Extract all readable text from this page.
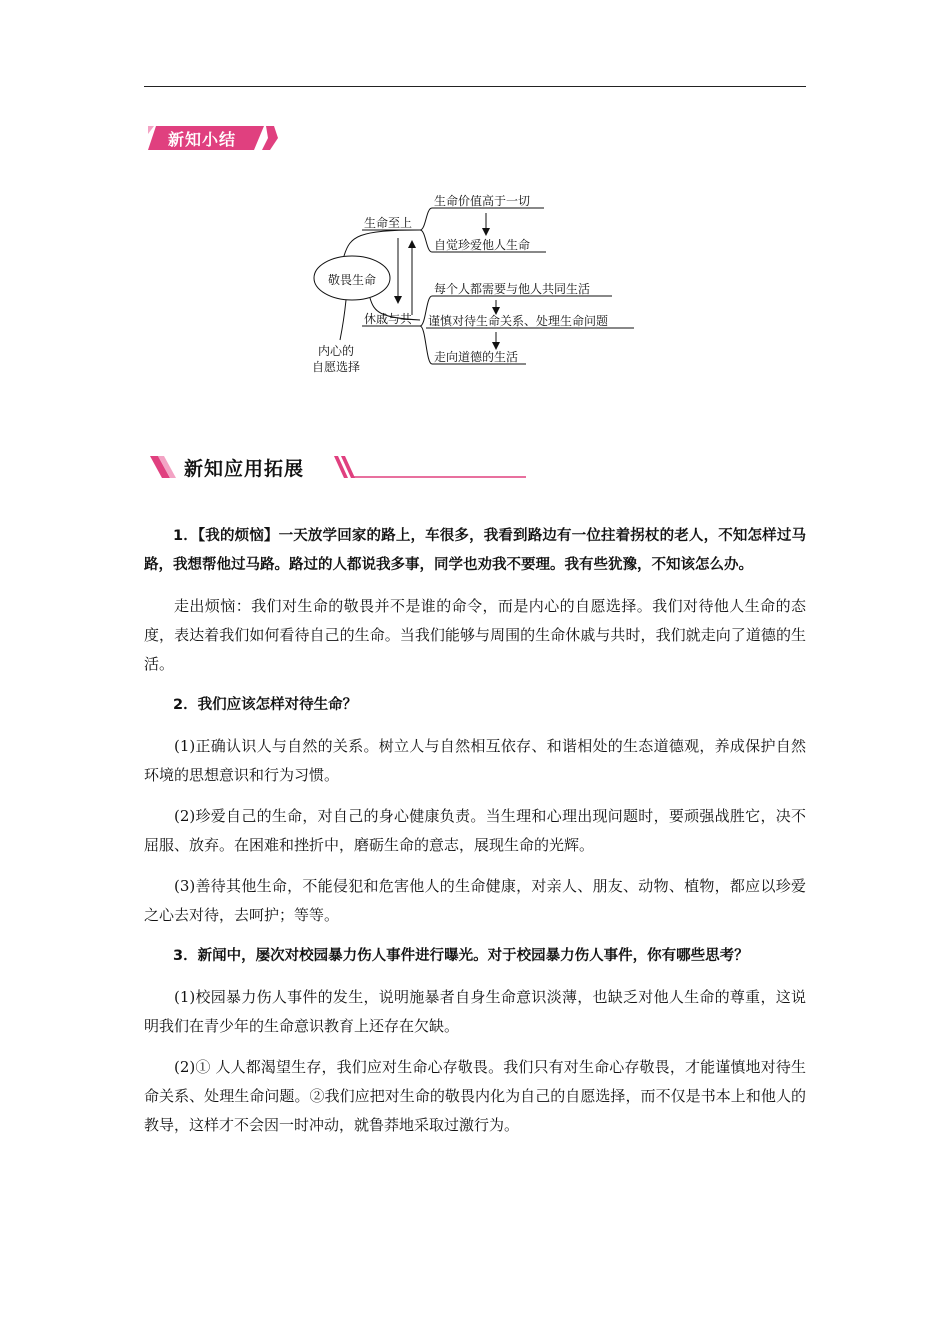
新知小结
敬畏生命
生命至上
生命价值高于一切
自觉珍爱他人生命
休戚与共
每个人都需要与他人共同生活
谨慎对待生命关系、处理生命问题
走向道德的生活
内心的
自愿选择
新知应用拓展

1．【我的烦恼】一天放学回家的路上，车很多，我看到路边有一位拄着拐杖的老人，不知怎样过马路，我想帮他过马路。路过的人都说我多事，同学也劝我不要理。我有些犹豫，不知该怎么办。

走出烦恼：我们对生命的敬畏并不是谁的命令，而是内心的自愿选择。我们对待他人生命的态度，表达着我们如何看待自己的生命。当我们能够与周围的生命休戚与共时，我们就走向了道德的生活。

2．我们应该怎样对待生命？

(1)正确认识人与自然的关系。树立人与自然相互依存、和谐相处的生态道德观，养成保护自然环境的思想意识和行为习惯。

(2)珍爱自己的生命，对自己的身心健康负责。当生理和心理出现问题时，要顽强战胜它，决不屈服、放弃。在困难和挫折中，磨砺生命的意志，展现生命的光辉。

(3)善待其他生命，不能侵犯和危害他人的生命健康，对亲人、朋友、动物、植物，都应以珍爱之心去对待，去呵护；等等。

3．新闻中，屡次对校园暴力伤人事件进行曝光。对于校园暴力伤人事件，你有哪些思考？

(1)校园暴力伤人事件的发生，说明施暴者自身生命意识淡薄，也缺乏对他人生命的尊重，这说明我们在青少年的生命意识教育上还存在欠缺。

(2)① 人人都渴望生存，我们应对生命心存敬畏。我们只有对生命心存敬畏，才能谨慎地对待生命关系、处理生命问题。②我们应把对生命的敬畏内化为自己的自愿选择，而不仅是书本上和他人的教导，这样才不会因一时冲动，就鲁莽地采取过激行为。
